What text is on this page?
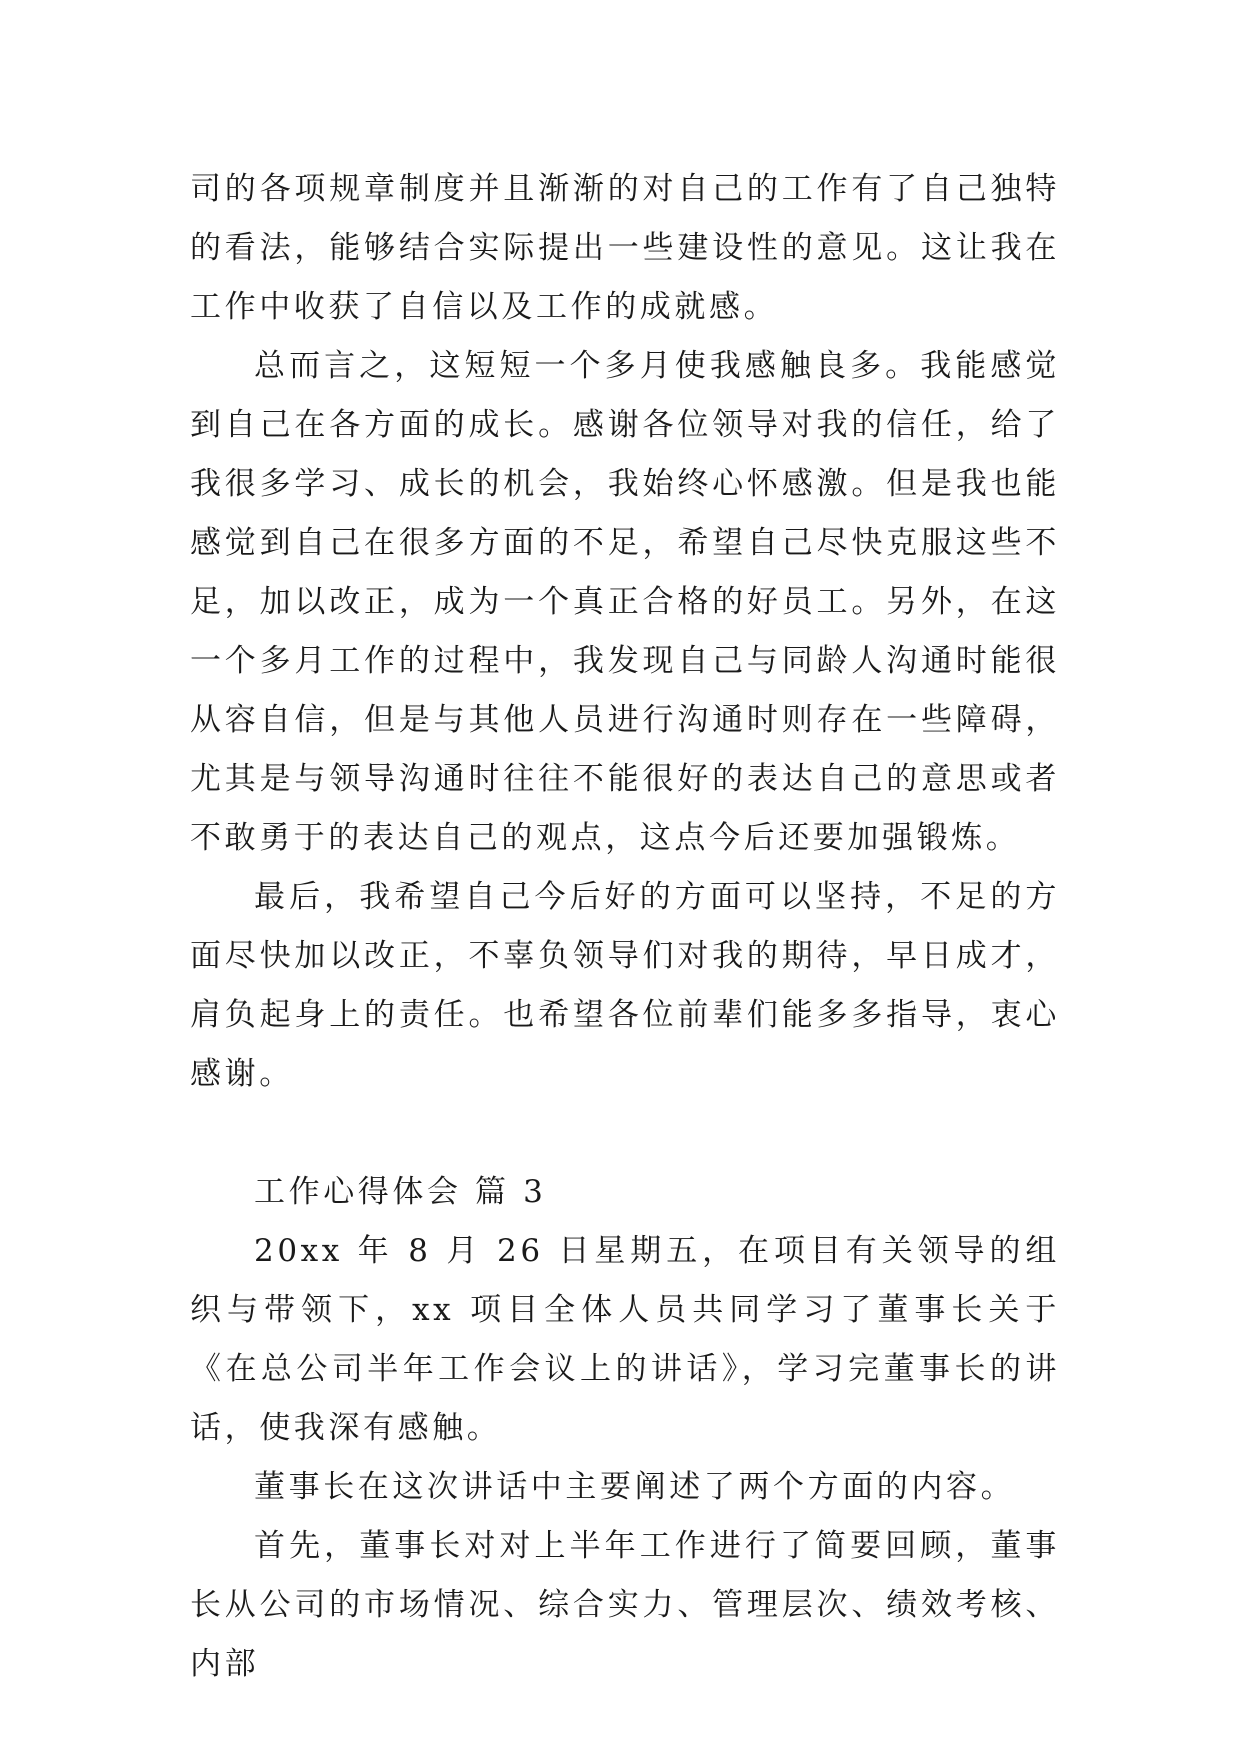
司的各项规章制度并且渐渐的对自己的工作有了自己独特的看法，能够结合实际提出一些建设性的意见。这让我在工作中收获了自信以及工作的成就感。

总而言之，这短短一个多月使我感触良多。我能感觉到自己在各方面的成长。感谢各位领导对我的信任，给了我很多学习、成长的机会，我始终心怀感激。但是我也能感觉到自己在很多方面的不足，希望自己尽快克服这些不足，加以改正，成为一个真正合格的好员工。另外，在这一个多月工作的过程中，我发现自己与同龄人沟通时能很从容自信，但是与其他人员进行沟通时则存在一些障碍，尤其是与领导沟通时往往不能很好的表达自己的意思或者不敢勇于的表达自己的观点，这点今后还要加强锻炼。

最后，我希望自己今后好的方面可以坚持，不足的方面尽快加以改正，不辜负领导们对我的期待，早日成才，肩负起身上的责任。也希望各位前辈们能多多指导，衷心感谢。

工作心得体会 篇 3

20xx 年 8 月 26 日星期五，在项目有关领导的组织与带领下，xx 项目全体人员共同学习了董事长关于《在总公司半年工作会议上的讲话》，学习完董事长的讲话，使我深有感触。

董事长在这次讲话中主要阐述了两个方面的内容。

首先，董事长对对上半年工作进行了简要回顾，董事长从公司的市场情况、综合实力、管理层次、绩效考核、内部
